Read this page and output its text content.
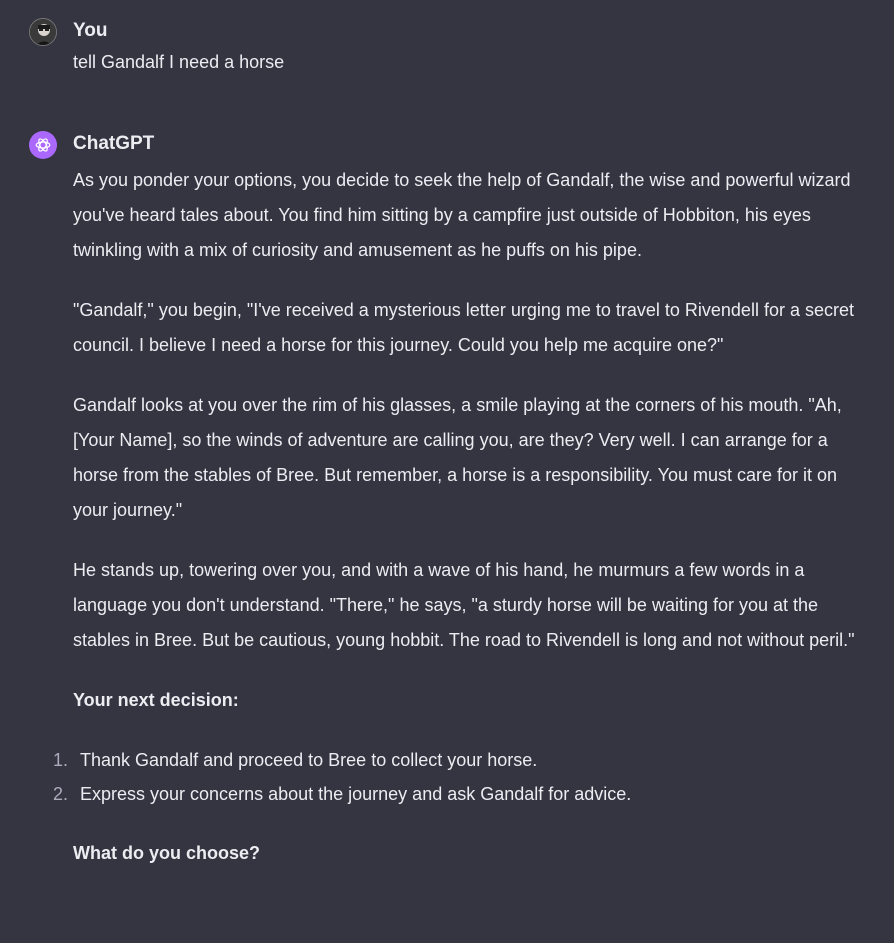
You
tell Gandalf I need a horse
ChatGPT

As you ponder your options, you decide to seek the help of Gandalf, the wise and powerful wizard you've heard tales about. You find him sitting by a campfire just outside of Hobbiton, his eyes twinkling with a mix of curiosity and amusement as he puffs on his pipe.

"Gandalf," you begin, "I've received a mysterious letter urging me to travel to Rivendell for a secret council. I believe I need a horse for this journey. Could you help me acquire one?"

Gandalf looks at you over the rim of his glasses, a smile playing at the corners of his mouth. "Ah, [Your Name], so the winds of adventure are calling you, are they? Very well. I can arrange for a horse from the stables of Bree. But remember, a horse is a responsibility. You must care for it on your journey."

He stands up, towering over you, and with a wave of his hand, he murmurs a few words in a language you don't understand. "There," he says, "a sturdy horse will be waiting for you at the stables in Bree. But be cautious, young hobbit. The road to Rivendell is long and not without peril."

Your next decision:

1. Thank Gandalf and proceed to Bree to collect your horse.
2. Express your concerns about the journey and ask Gandalf for advice.

What do you choose?
